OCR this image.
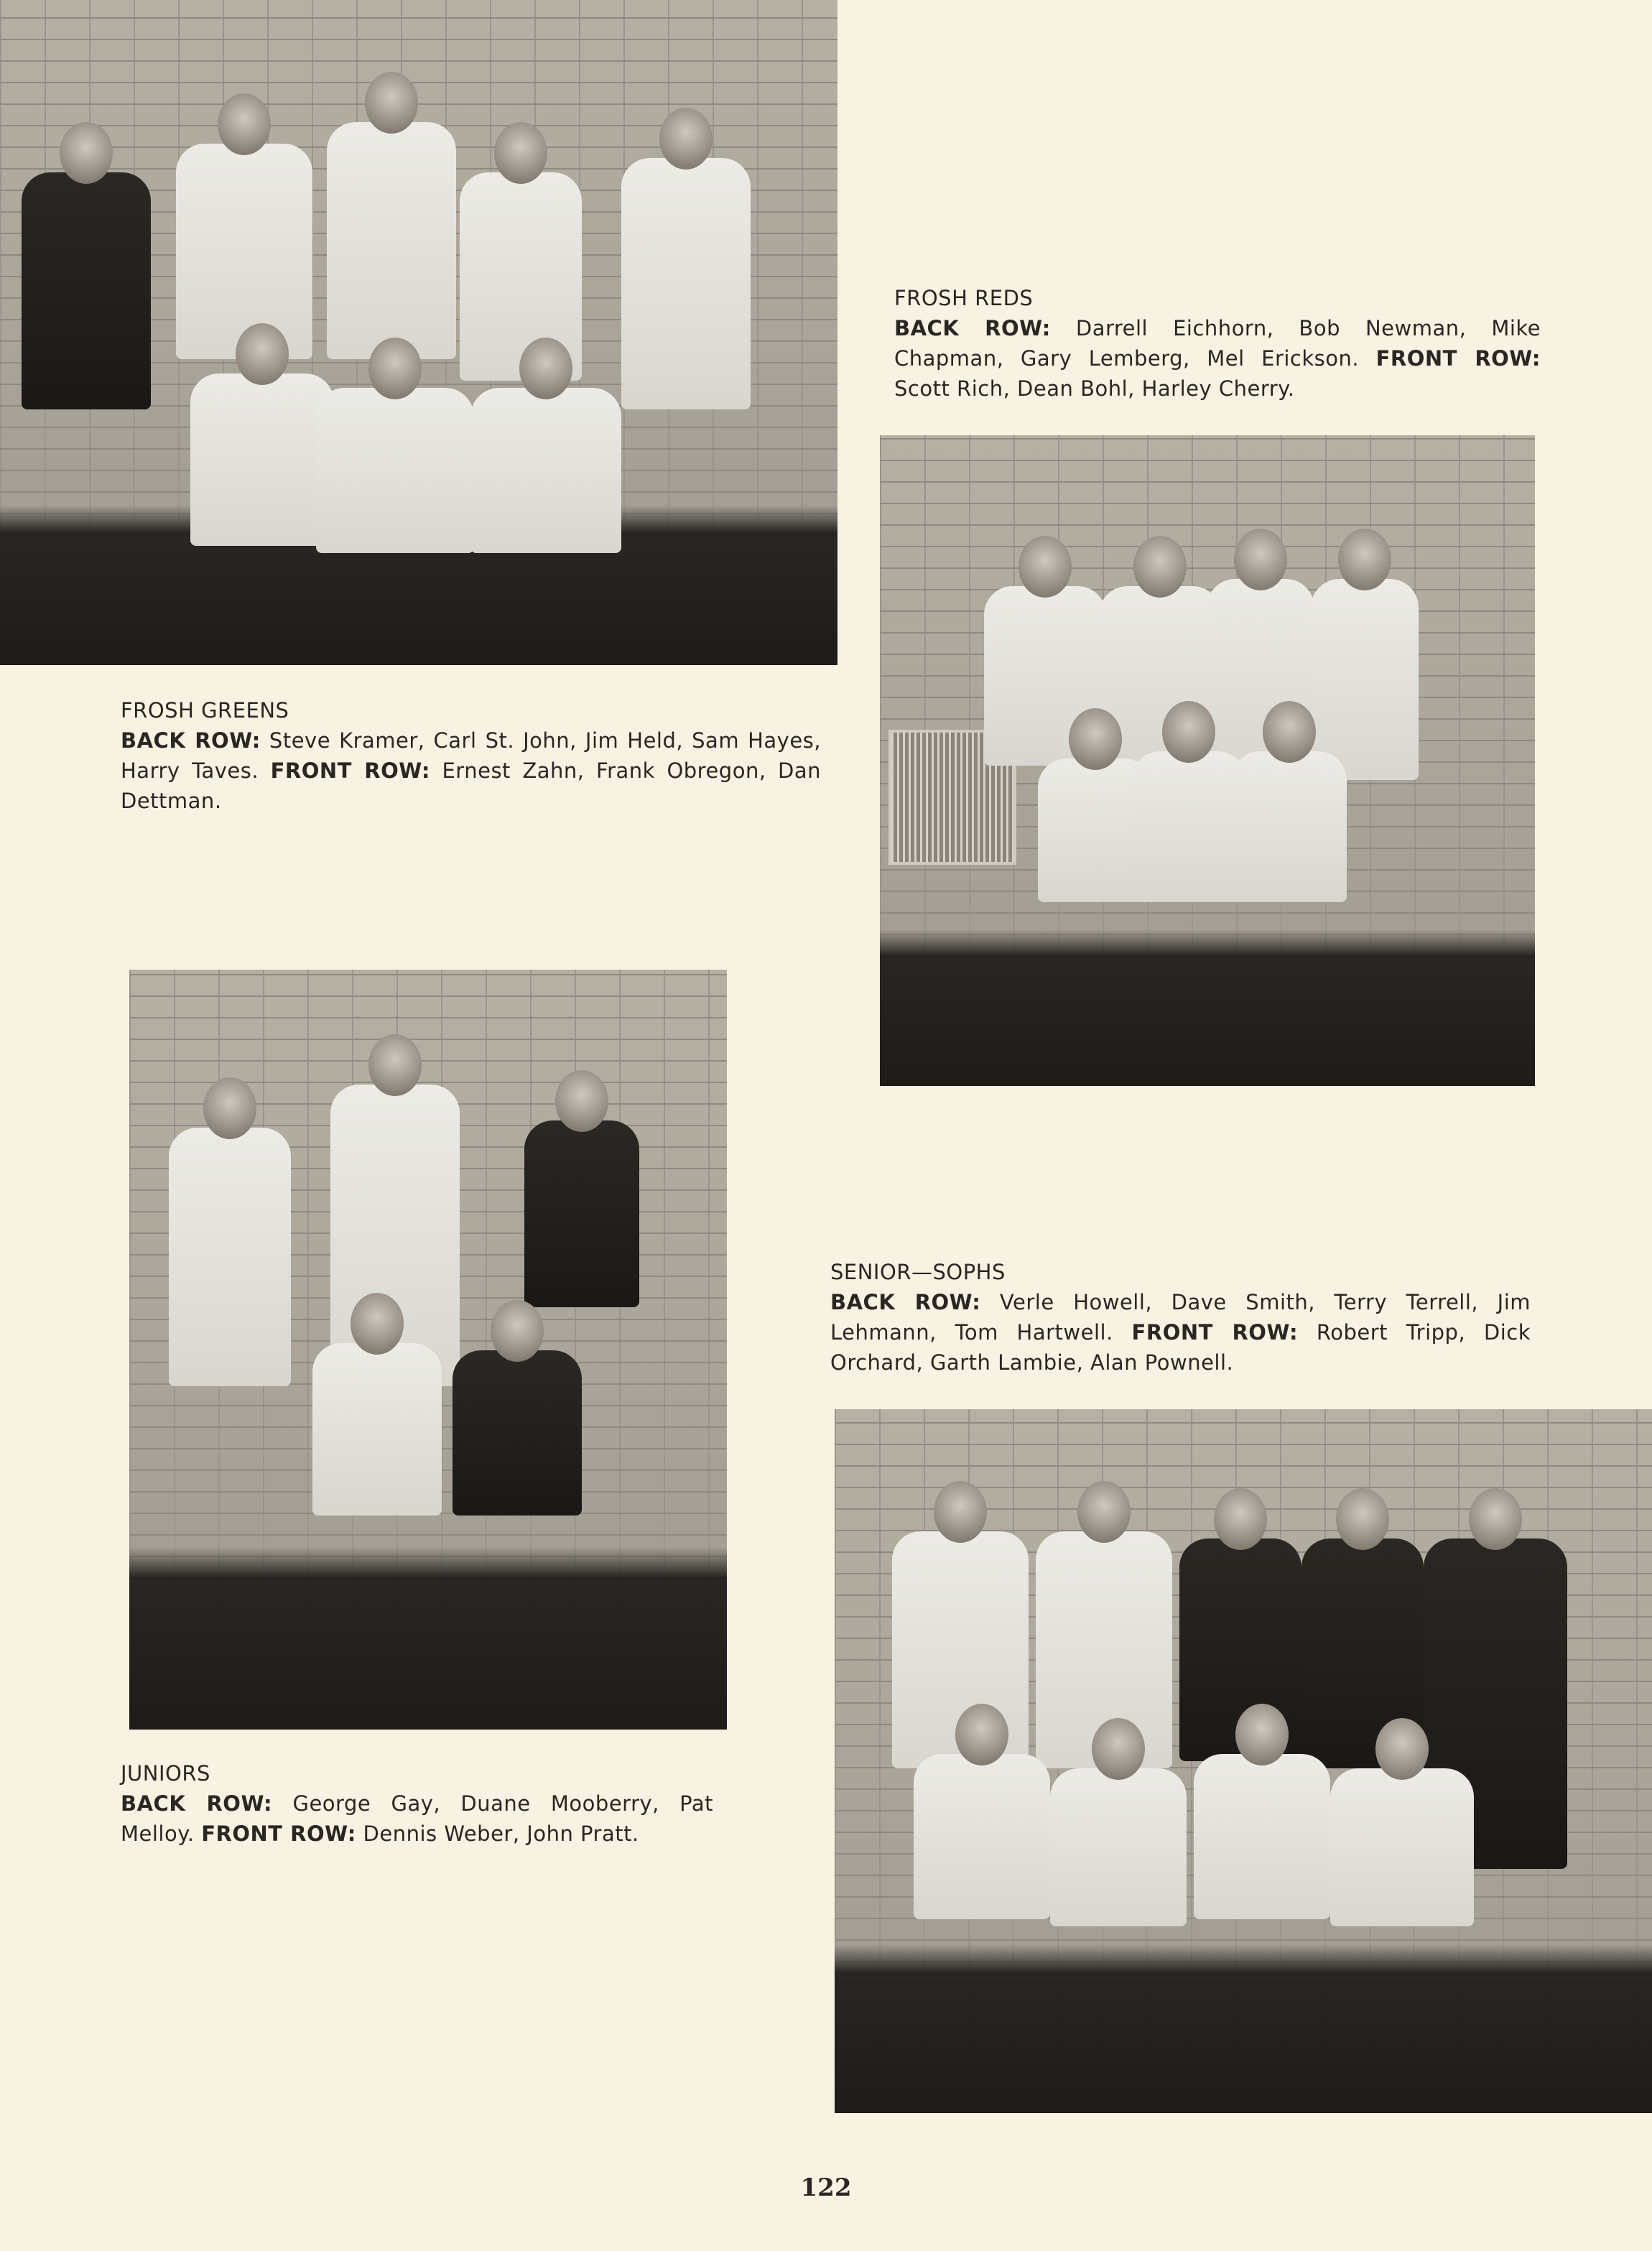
FROSH GREENS
BACK ROW: Steve Kramer, Carl St. John, Jim Held, Sam Hayes, Harry Taves. FRONT ROW: Ernest Zahn, Frank Obregon, Dan Dettman.
FROSH REDS
BACK ROW: Darrell Eichhorn, Bob Newman, Mike Chapman, Gary Lemberg, Mel Erickson. FRONT ROW: Scott Rich, Dean Bohl, Harley Cherry.
JUNIORS
BACK ROW: George Gay, Duane Mooberry, Pat Melloy. FRONT ROW: Dennis Weber, John Pratt.
SENIOR—SOPHS
BACK ROW: Verle Howell, Dave Smith, Terry Terrell, Jim Lehmann, Tom Hartwell. FRONT ROW: Robert Tripp, Dick Orchard, Garth Lambie, Alan Pownell.
122
